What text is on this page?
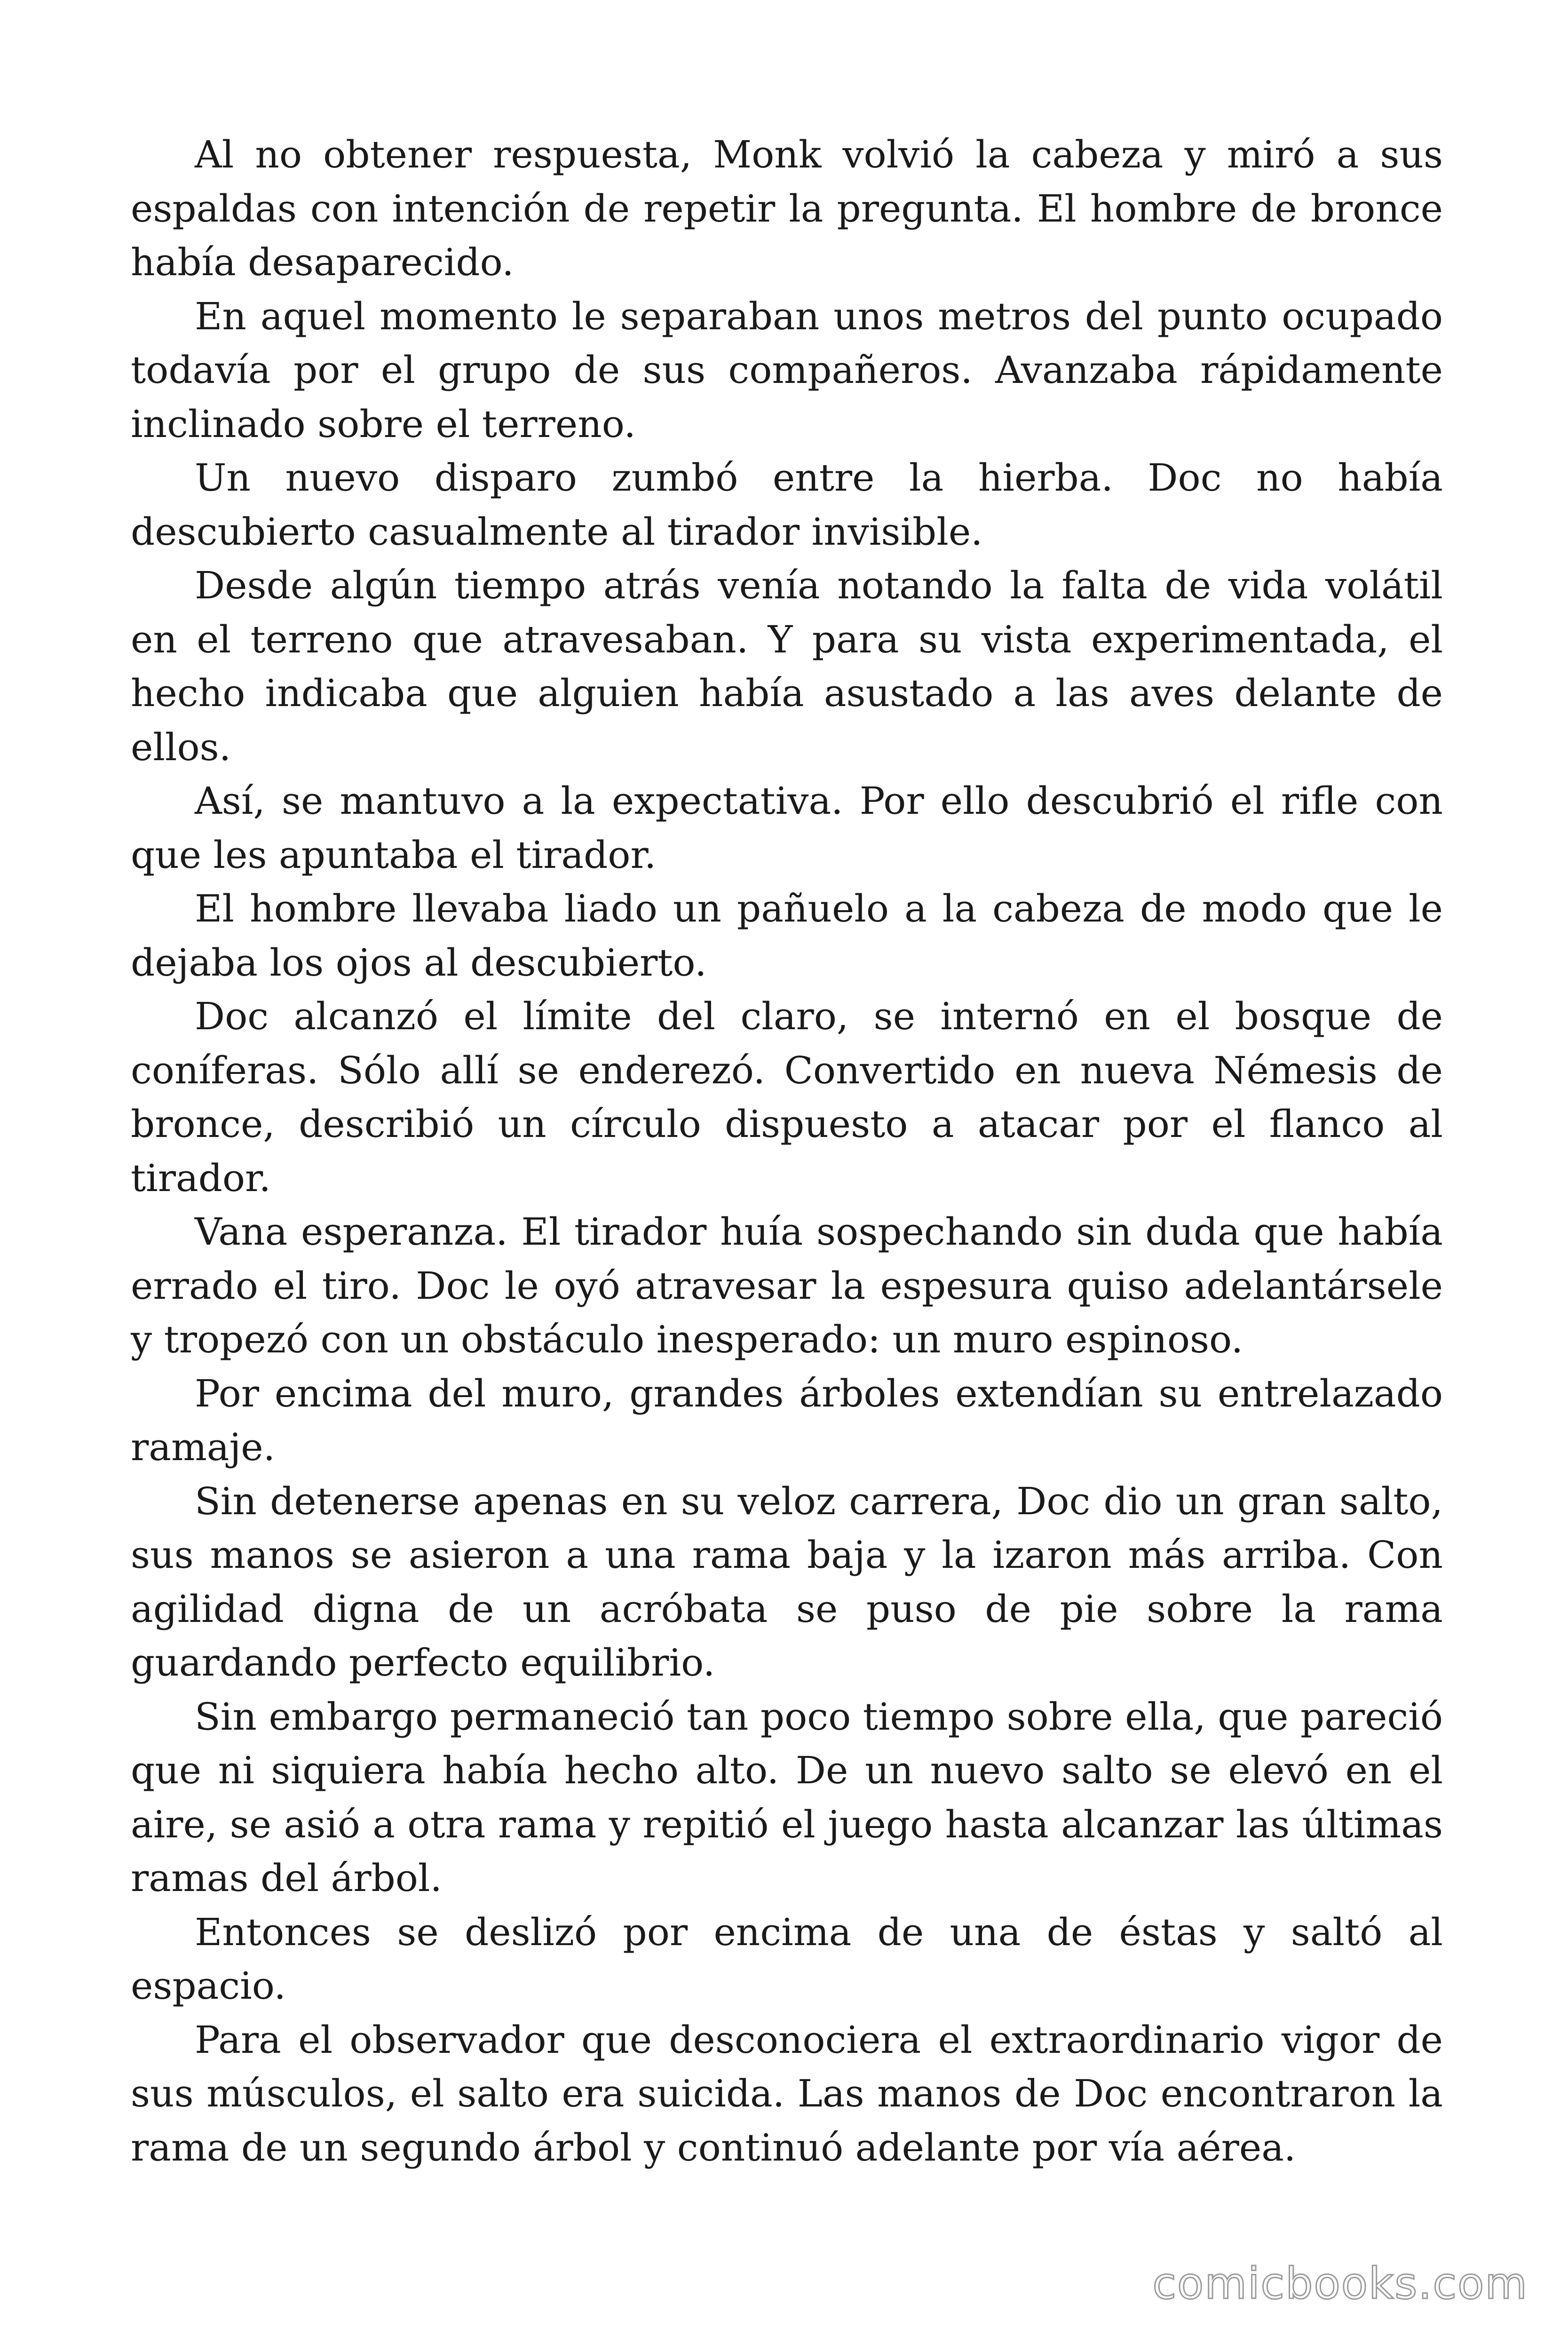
Al no obtener respuesta, Monk volvió la cabeza y miró a sus espaldas con intención de repetir la pregunta. El hombre de bronce había desaparecido.

En aquel momento le separaban unos metros del punto ocupado todavía por el grupo de sus compañeros. Avanzaba rápidamente inclinado sobre el terreno.

Un nuevo disparo zumbó entre la hierba. Doc no había descubierto casualmente al tirador invisible.

Desde algún tiempo atrás venía notando la falta de vida volátil en el terreno que atravesaban. Y para su vista experimentada, el hecho indicaba que alguien había asustado a las aves delante de ellos.

Así, se mantuvo a la expectativa. Por ello descubrió el rifle con que les apuntaba el tirador.

El hombre llevaba liado un pañuelo a la cabeza de modo que le dejaba los ojos al descubierto.

Doc alcanzó el límite del claro, se internó en el bosque de coníferas. Sólo allí se enderezó. Convertido en nueva Némesis de bronce, describió un círculo dispuesto a atacar por el flanco al tirador.

Vana esperanza. El tirador huía sospechando sin duda que había errado el tiro. Doc le oyó atravesar la espesura quiso adelantársele y tropezó con un obstáculo inesperado: un muro espinoso.

Por encima del muro, grandes árboles extendían su entrelazado ramaje.

Sin detenerse apenas en su veloz carrera, Doc dio un gran salto, sus manos se asieron a una rama baja y la izaron más arriba. Con agilidad digna de un acróbata se puso de pie sobre la rama guardando perfecto equilibrio.

Sin embargo permaneció tan poco tiempo sobre ella, que pareció que ni siquiera había hecho alto. De un nuevo salto se elevó en el aire, se asió a otra rama y repitió el juego hasta alcanzar las últimas ramas del árbol.

Entonces se deslizó por encima de una de éstas y saltó al espacio.

Para el observador que desconociera el extraordinario vigor de sus músculos, el salto era suicida. Las manos de Doc encontraron la rama de un segundo árbol y continuó adelante por vía aérea.

comicbooks.com
